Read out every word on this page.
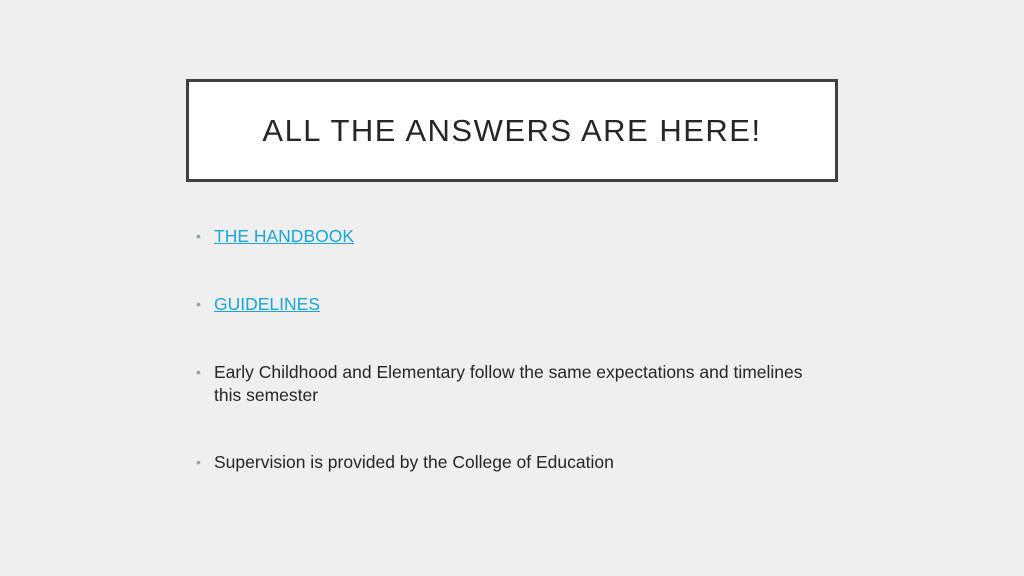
ALL THE ANSWERS ARE HERE!
• THE HANDBOOK
• GUIDELINES
• Early Childhood and Elementary follow the same expectations and timelines this semester
• Supervision is provided by the College of Education
